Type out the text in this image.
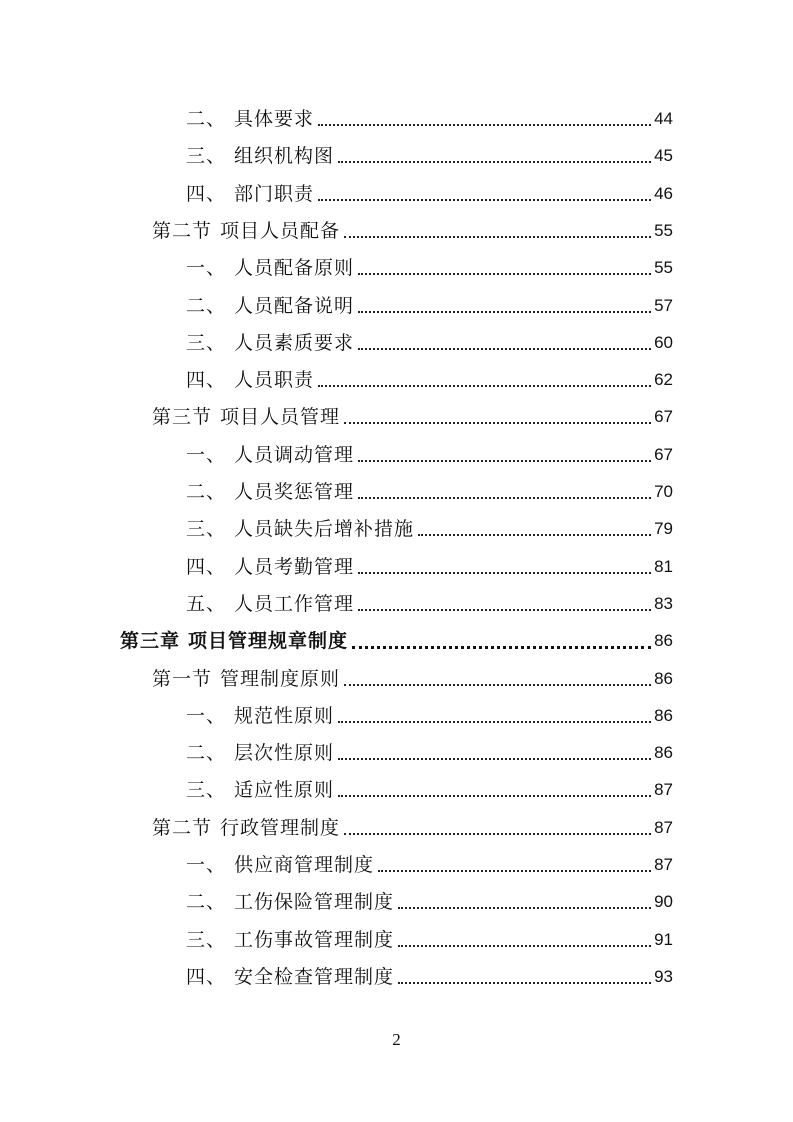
二、 具体要求	44
三、 组织机构图	45
四、 部门职责	46
第二节 项目人员配备	55
一、 人员配备原则	55
二、 人员配备说明	57
三、 人员素质要求	60
四、 人员职责	62
第三节 项目人员管理	67
一、 人员调动管理	67
二、 人员奖惩管理	70
三、 人员缺失后增补措施	79
四、 人员考勤管理	81
五、 人员工作管理	83
第三章 项目管理规章制度	86
第一节 管理制度原则	86
一、 规范性原则	86
二、 层次性原则	86
三、 适应性原则	87
第二节 行政管理制度	87
一、 供应商管理制度	87
二、 工伤保险管理制度	90
三、 工伤事故管理制度	91
四、 安全检查管理制度	93
2
